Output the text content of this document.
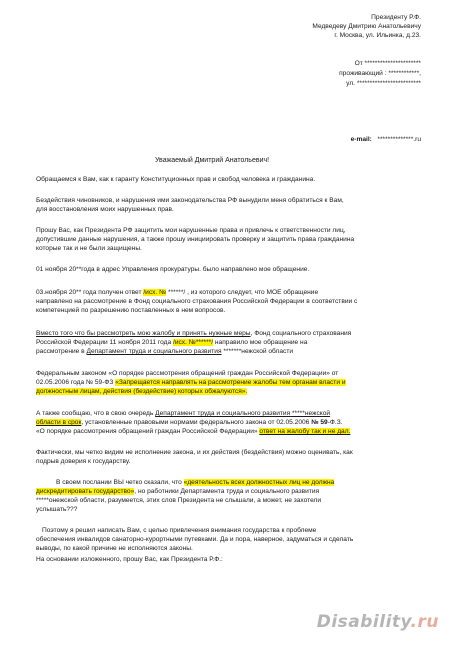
Президенту Р.Ф.
Медведеву Дмитрию Анатольевичу
г. Москва, ул. Ильинка, д.23.
От **********************
проживающий : ************,
ул. *************************
e-mail: **************.ru
Уважаемый Дмитрий Анатольевич!
Обращаемся к Вам, как к гаранту Конституционных прав и свобод человека и гражданина.
Бездействия чиновников, и нарушения ими законодательства РФ вынудили меня обратиться к Вам,
для восстановления моих нарушенных прав.
Прошу Вас, как Президента РФ защитить мои нарушенные права и привлечь к ответственности лиц,
допустившие данные нарушения, а также прошу инициировать проверку и защитить права гражданина
которые так и не были защищены.
01 ноября 20**года в адрес Управления прокуратуры. было направлено мое обращение.
03.ноября 20** года получен ответ /исх. № ******/ , из которого следует, что МОЕ обращение
направлено на рассмотрение в Фонд социального страхования Российской Федерации в соответствии с
компетенцией по разрешению поставленных в нем вопросов.
Вместо того что бы рассмотреть мою жалобу и принять нужные меры, Фонд социального страхования
Российской Федерации 11 ноября 2011 года /исх. №******/ направило мое обращение на
рассмотрение в Департамент труда и социального развития *******нежской области
Федеральным законом «О порядке рассмотрения обращений граждан Российской Федерации» от
02.05.2006 года № 59-ФЗ «Запрещается направлять на рассмотрение жалобы тем органам власти и
должностным лицам, действия (бездействие) которых обжалуются».
А также сообщаю, что в свою очередь Департамент труда и социального развития *****нежской
области в срок, установленные правовыми нормами федерального закона от 02.05.2006 № 59-Ф.З.
«О порядке рассмотрения обращений граждан Российской Федерации» ответ на жалобу так и не дал.
Фактически, мы четко видим не исполнение закона, и их действия (бездействия) можно оценивать, как
подрыв доверия к государству.
В своем послании ВЫ четко сказали, что «деятельность всех должностных лиц не должна
дискредитировать государство», но работники Департамента труда и социального развития
*****онежской области, разумеется, этих слов Президента не слышали, а может, не захотели
услышать???
Поэтому я решил написать Вам, с целью привлечения внимания государства к проблеме
обеспечения инвалидов санаторно-курортными путевками. Да и пора, наверное, задуматься и сделать
выводы, по какой причине не исполняются законы.
На основании изложенного, прошу Вас, как Президента Р.Ф.:
Disability.ru
